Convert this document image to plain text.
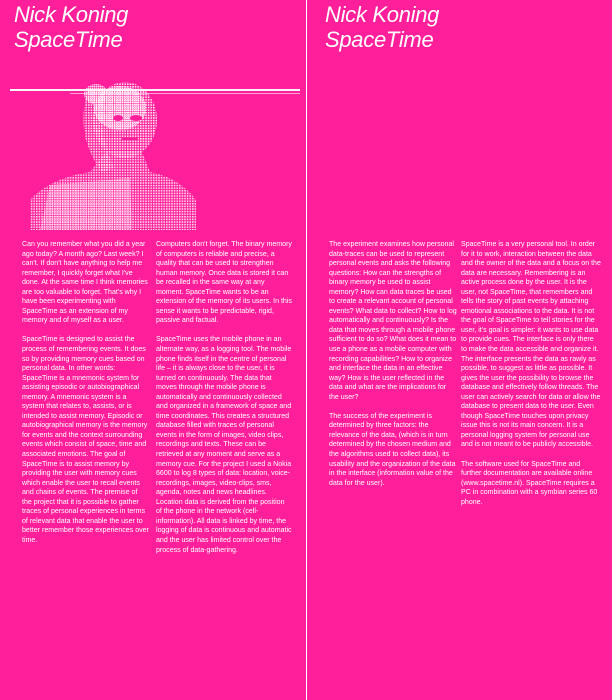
Nick Koning
SpaceTime

Can you remember what you did a year ago today? A month ago? Last week? I can't. If don't have anything to help me remember, I quickly forget what I've done. At the same time I think memories are too valuable to forget. That's why I have been experimenting with SpaceTime as an extension of my memory and of myself as a user.

SpaceTime is designed to assist the process of remembering events. It does so by providing memory cues based on personal data. In other words: SpaceTime is a mnemonic system for assisting episodic or autobiographical memory. A mnemonic system is a system that relates to, assists, or is intended to assist memory. Episodic or autobiographical memory is the memory for events and the context surrounding events which consist of space, time and associated emotions. The goal of SpaceTime is to assist memory by providing the user with memory cues which enable the user to recall events and chains of events. The premise of the project that it is possible to gather traces of personal experiences in terms of relevant data that enable the user to better remember those experiences over time.

Computers don't forget. The binary memory of computers is reliable and precise, a quality that can be used to strengthen human memory. Once data is stored it can be recalled in the same way at any moment. SpaceTime wants to be an extension of the memory of its users. In this sense it wants to be predictable, rigid, passive and factual.

SpaceTime uses the mobile phone in an alternate way, as a logging tool. The mobile phone finds itself in the centre of personal life – it is always close to the user, it is turned on continuously. The data that moves through the mobile phone is automatically and continuously collected and organized in a framework of space and time coordinates. This creates a structured database filled with traces of personal events in the form of images, video clips, recordings and texts. These can be retrieved at any moment and serve as a memory cue. For the project I used a Nokia 6600 to log 8 types of data: location, voice-recordings, images, video-clips, sms, agenda, notes and news headlines. Location data is derived from the position of the phone in the network (cell-information). All data is linked by time, the logging of data is continuous and automatic and the user has limited control over the process of data-gathering.

Nick Koning
SpaceTime

The experiment examines how personal data-traces can be used to represent personal events and asks the following questions: How can the strengths of binary memory be used to assist memory? How can data traces be used to create a relevant account of personal events? What data to collect? How to log automatically and continuously? Is the data that moves through a mobile phone sufficient to do so? What does it mean to use a phone as a mobile computer with recording capabilities? How to organize and interface the data in an effective way? How is the user reflected in the data and what are the implications for the user?

The success of the experiment is determined by three factors: the relevance of the data, (which is in turn determined by the chosen medium and the algorithms used to collect data), its usability and the organization of the data in the interface (information value of the data for the user).

SpaceTime is a very personal tool. In order for it to work, interaction between the data and the owner of the data and a focus on the data are necessary. Remembering is an active process done by the user. It is the user, not SpaceTime, that remembers and tells the story of past events by attaching emotional associations to the data. It is not the goal of SpaceTime to tell stories for the user, it's goal is simpler: it wants to use data to provide cues. The interface is only there to make the data accessible and organize it. The interface presents the data as rawly as possible, to suggest as little as possible. It gives the user the possibility to browse the database and effectively follow threads. The user can actively search for data or allow the database to present data to the user. Even though SpaceTime touches upon privacy issue this is not its main concern. It is a personal logging system for personal use and is not meant to be publicly accessible.

The software used for SpaceTime and further documentation are available online (www.spacetime.nl). SpaceTime requires a PC in combination with a symbian series 60 phone.
